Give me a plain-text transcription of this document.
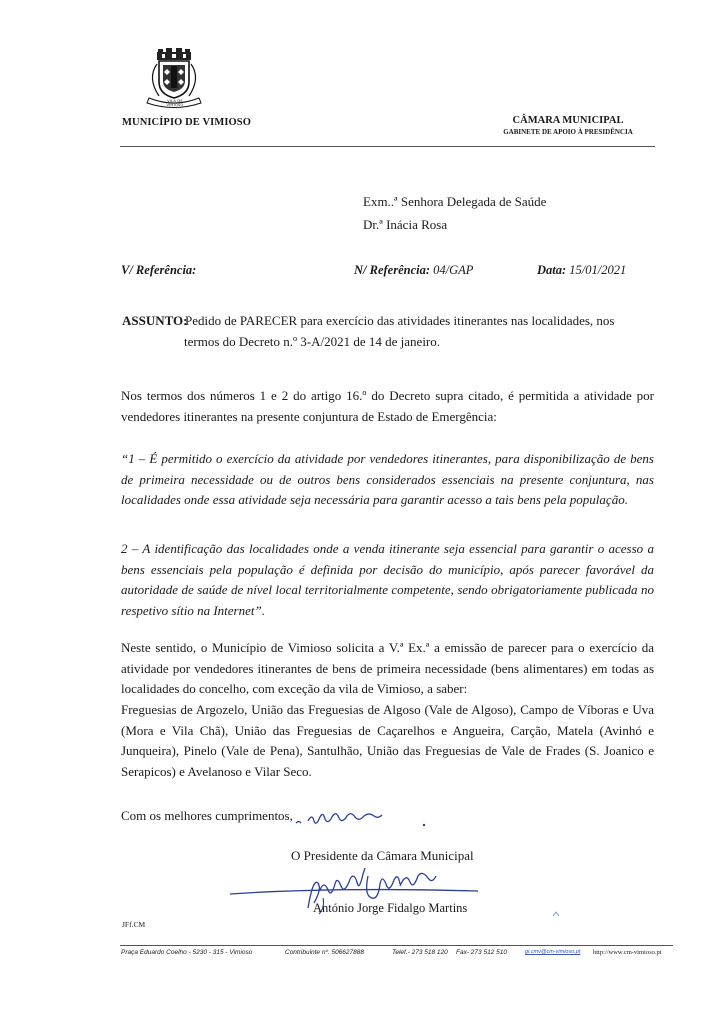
VILA DE VIMIOSO
MUNICÍPIO DE VIMIOSO	CÂMARA MUNICIPAL
GABINETE DE APOIO À PRESIDÊNCIA
Exm..ª Senhora Delegada de Saúde
Dr.ª Inácia Rosa
V/ Referência:	N/ Referência: 04/GAP	Data: 15/01/2021
ASSUNTO:
Pedido de PARECER para exercício das atividades itinerantes nas localidades, nos
termos do Decreto n.º 3-A/2021 de 14 de janeiro.
Nos termos dos números 1 e 2 do artigo 16.º do Decreto supra citado, é permitida a atividade por vendedores itinerantes na presente conjuntura de Estado de Emergência:
“1 – É permitido o exercício da atividade por vendedores itinerantes, para disponibilização de bens de primeira necessidade ou de outros bens considerados essenciais na presente conjuntura, nas localidades onde essa atividade seja necessária para garantir acesso a tais bens pela população.
2 – A identificação das localidades onde a venda itinerante seja essencial para garantir o acesso a bens essenciais pela população é definida por decisão do município, após parecer favorável da autoridade de saúde de nível local territorialmente competente, sendo obrigatoriamente publicada no respetivo sítio na Internet”.
Neste sentido, o Município de Vimioso solicita a V.ª Ex.ª a emissão de parecer para o exercício da atividade por vendedores itinerantes de bens de primeira necessidade (bens alimentares) em todas as localidades do concelho, com exceção da vila de Vimioso, a saber:
Freguesias de Argozelo, União das Freguesias de Algoso (Vale de Algoso), Campo de Víboras e Uva (Mora e Vila Chã), União das Freguesias de Caçarelhos e Angueira, Carção, Matela (Avinhó e Junqueira), Pinelo (Vale de Pena), Santulhão, União das Freguesias de Vale de Frades (S. Joanico e Serapicos) e Avelanoso e Vilar Seco.
Com os melhores cumprimentos,
O Presidente da Câmara Municipal
António Jorge Fidalgo Martins
JFf.CM
Praça Eduardo Coelho - 5230 - 315 - Vimioso	Contribuinte nº. 506627888	Telef.- 273 518 120 Fax- 273 512 510	gi.cmv@cm-vimioso.pt http://www.cm-vimioso.pt
